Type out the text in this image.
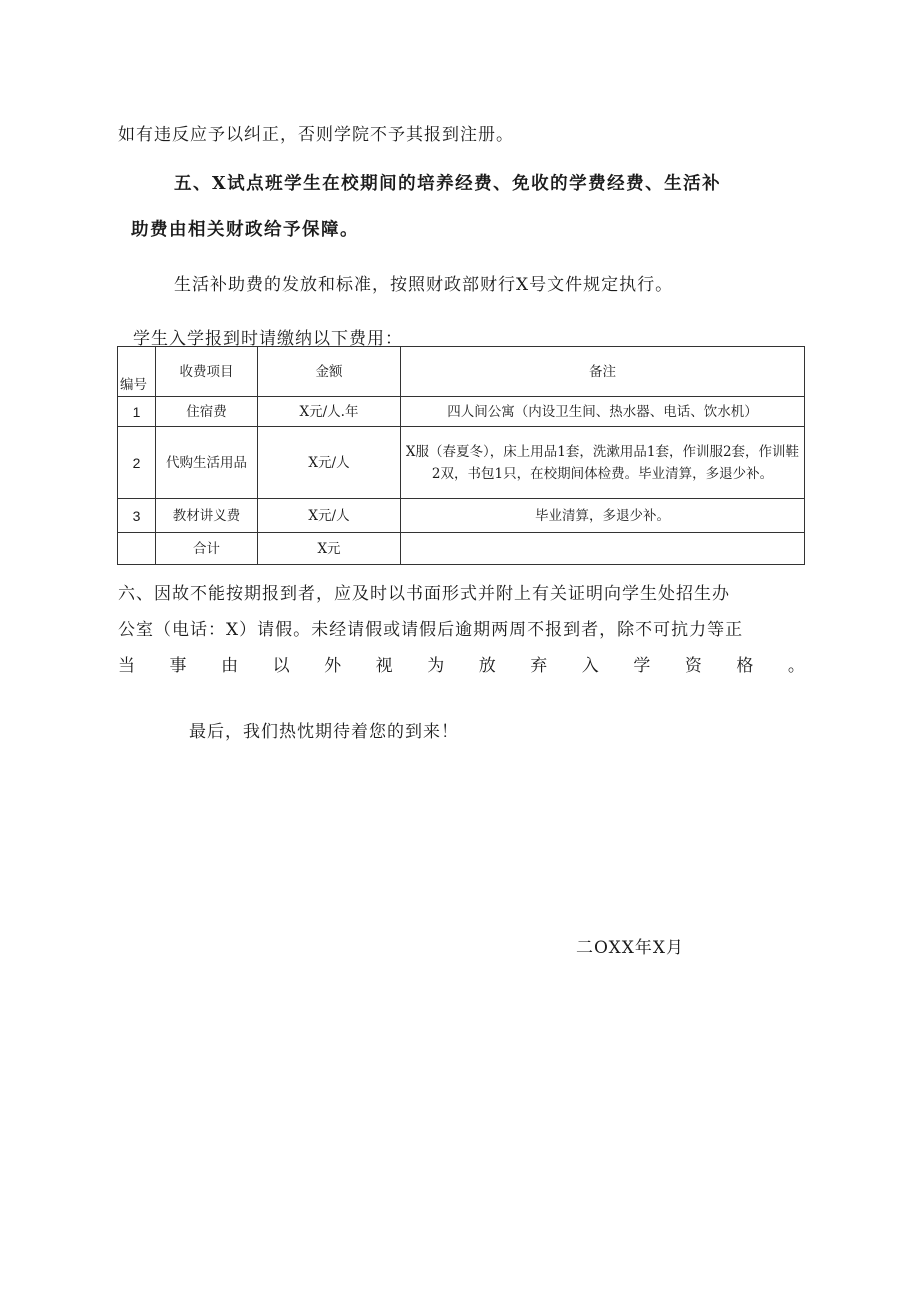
如有违反应予以纠正，否则学院不予其报到注册。
五、X试点班学生在校期间的培养经费、免收的学费经费、生活补
助费由相关财政给予保障。
生活补助费的发放和标准，按照财政部财行X号文件规定执行。
学生入学报到时请缴纳以下费用：
编号	收费项目	金额	备注
1	住宿费	X元/人.年	四人间公寓（内设卫生间、热水器、电话、饮水机）
2	代购生活用品	X元/人	X服（春夏冬），床上用品1套，洗漱用品1套，作训服2套，作训鞋2双，书包1只，在校期间体检费。毕业清算，多退少补。
3	教材讲义费	X元/人	毕业清算，多退少补。
	合计	X元	
六、因故不能按期报到者，应及时以书面形式并附上有关证明向学生处招生办
公室（电话：X）请假。未经请假或请假后逾期两周不报到者，除不可抗力等正
当 事 由 以 外 视 为 放 弃 入 学 资 格 。
最后，我们热忱期待着您的到来！
二OXX年X月
